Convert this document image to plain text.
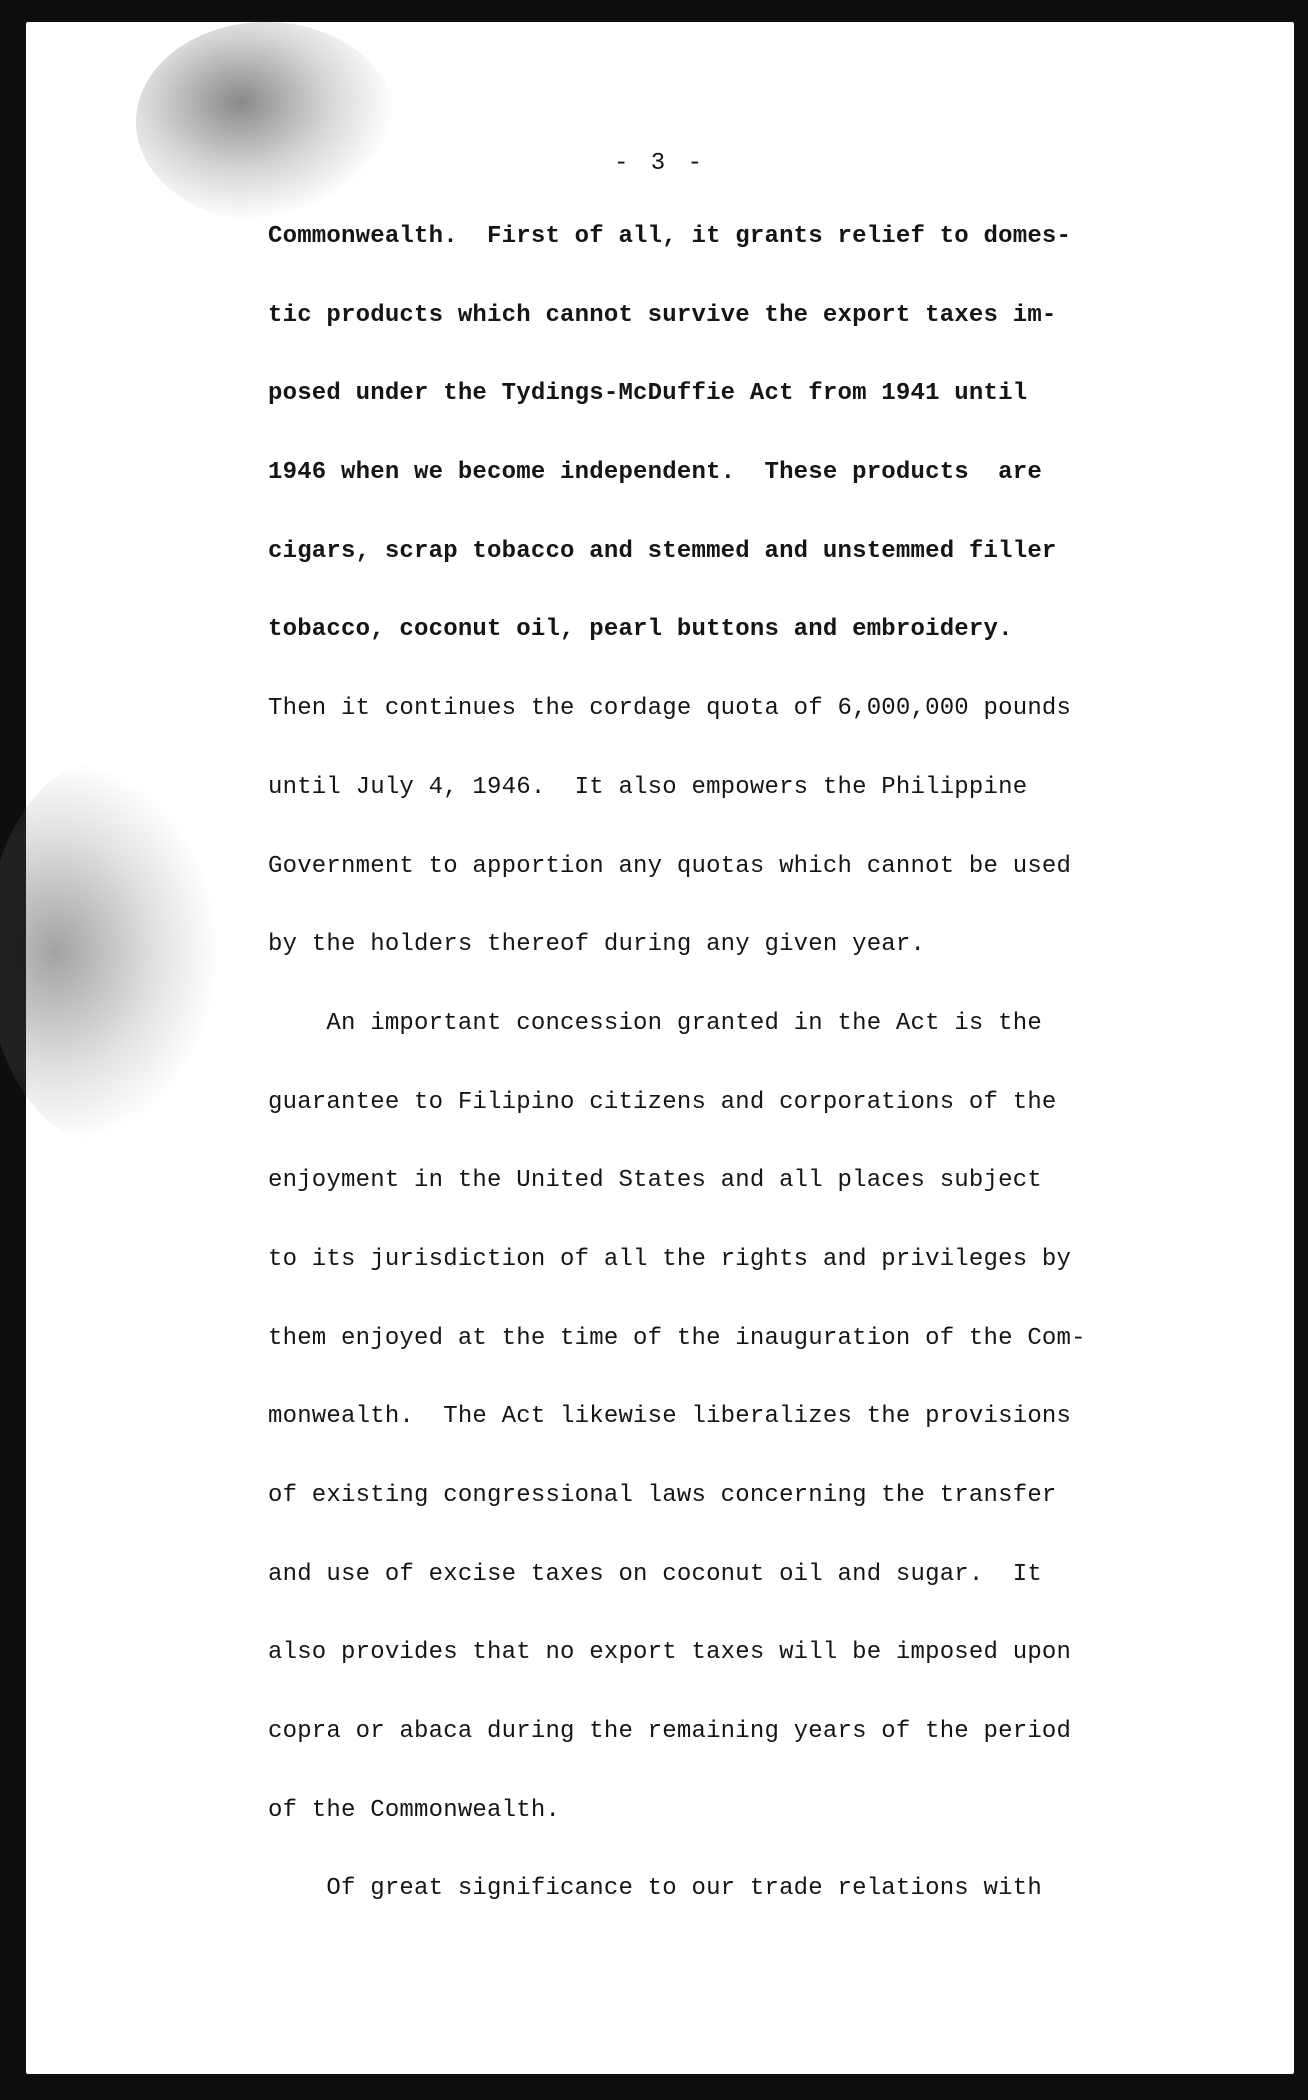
- 3 -
Commonwealth.  First of all, it grants relief to domes-
tic products which cannot survive the export taxes im-
posed under the Tydings-McDuffie Act from 1941 until
1946 when we become independent.  These products  are
cigars, scrap tobacco and stemmed and unstemmed filler
tobacco, coconut oil, pearl buttons and embroidery.
Then it continues the cordage quota of 6,000,000 pounds
until July 4, 1946.  It also empowers the Philippine
Government to apportion any quotas which cannot be used
by the holders thereof during any given year.
An important concession granted in the Act is the
guarantee to Filipino citizens and corporations of the
enjoyment in the United States and all places subject
to its jurisdiction of all the rights and privileges by
them enjoyed at the time of the inauguration of the Com-
monwealth.  The Act likewise liberalizes the provisions
of existing congressional laws concerning the transfer
and use of excise taxes on coconut oil and sugar.  It
also provides that no export taxes will be imposed upon
copra or abaca during the remaining years of the period
of the Commonwealth.
Of great significance to our trade relations with
